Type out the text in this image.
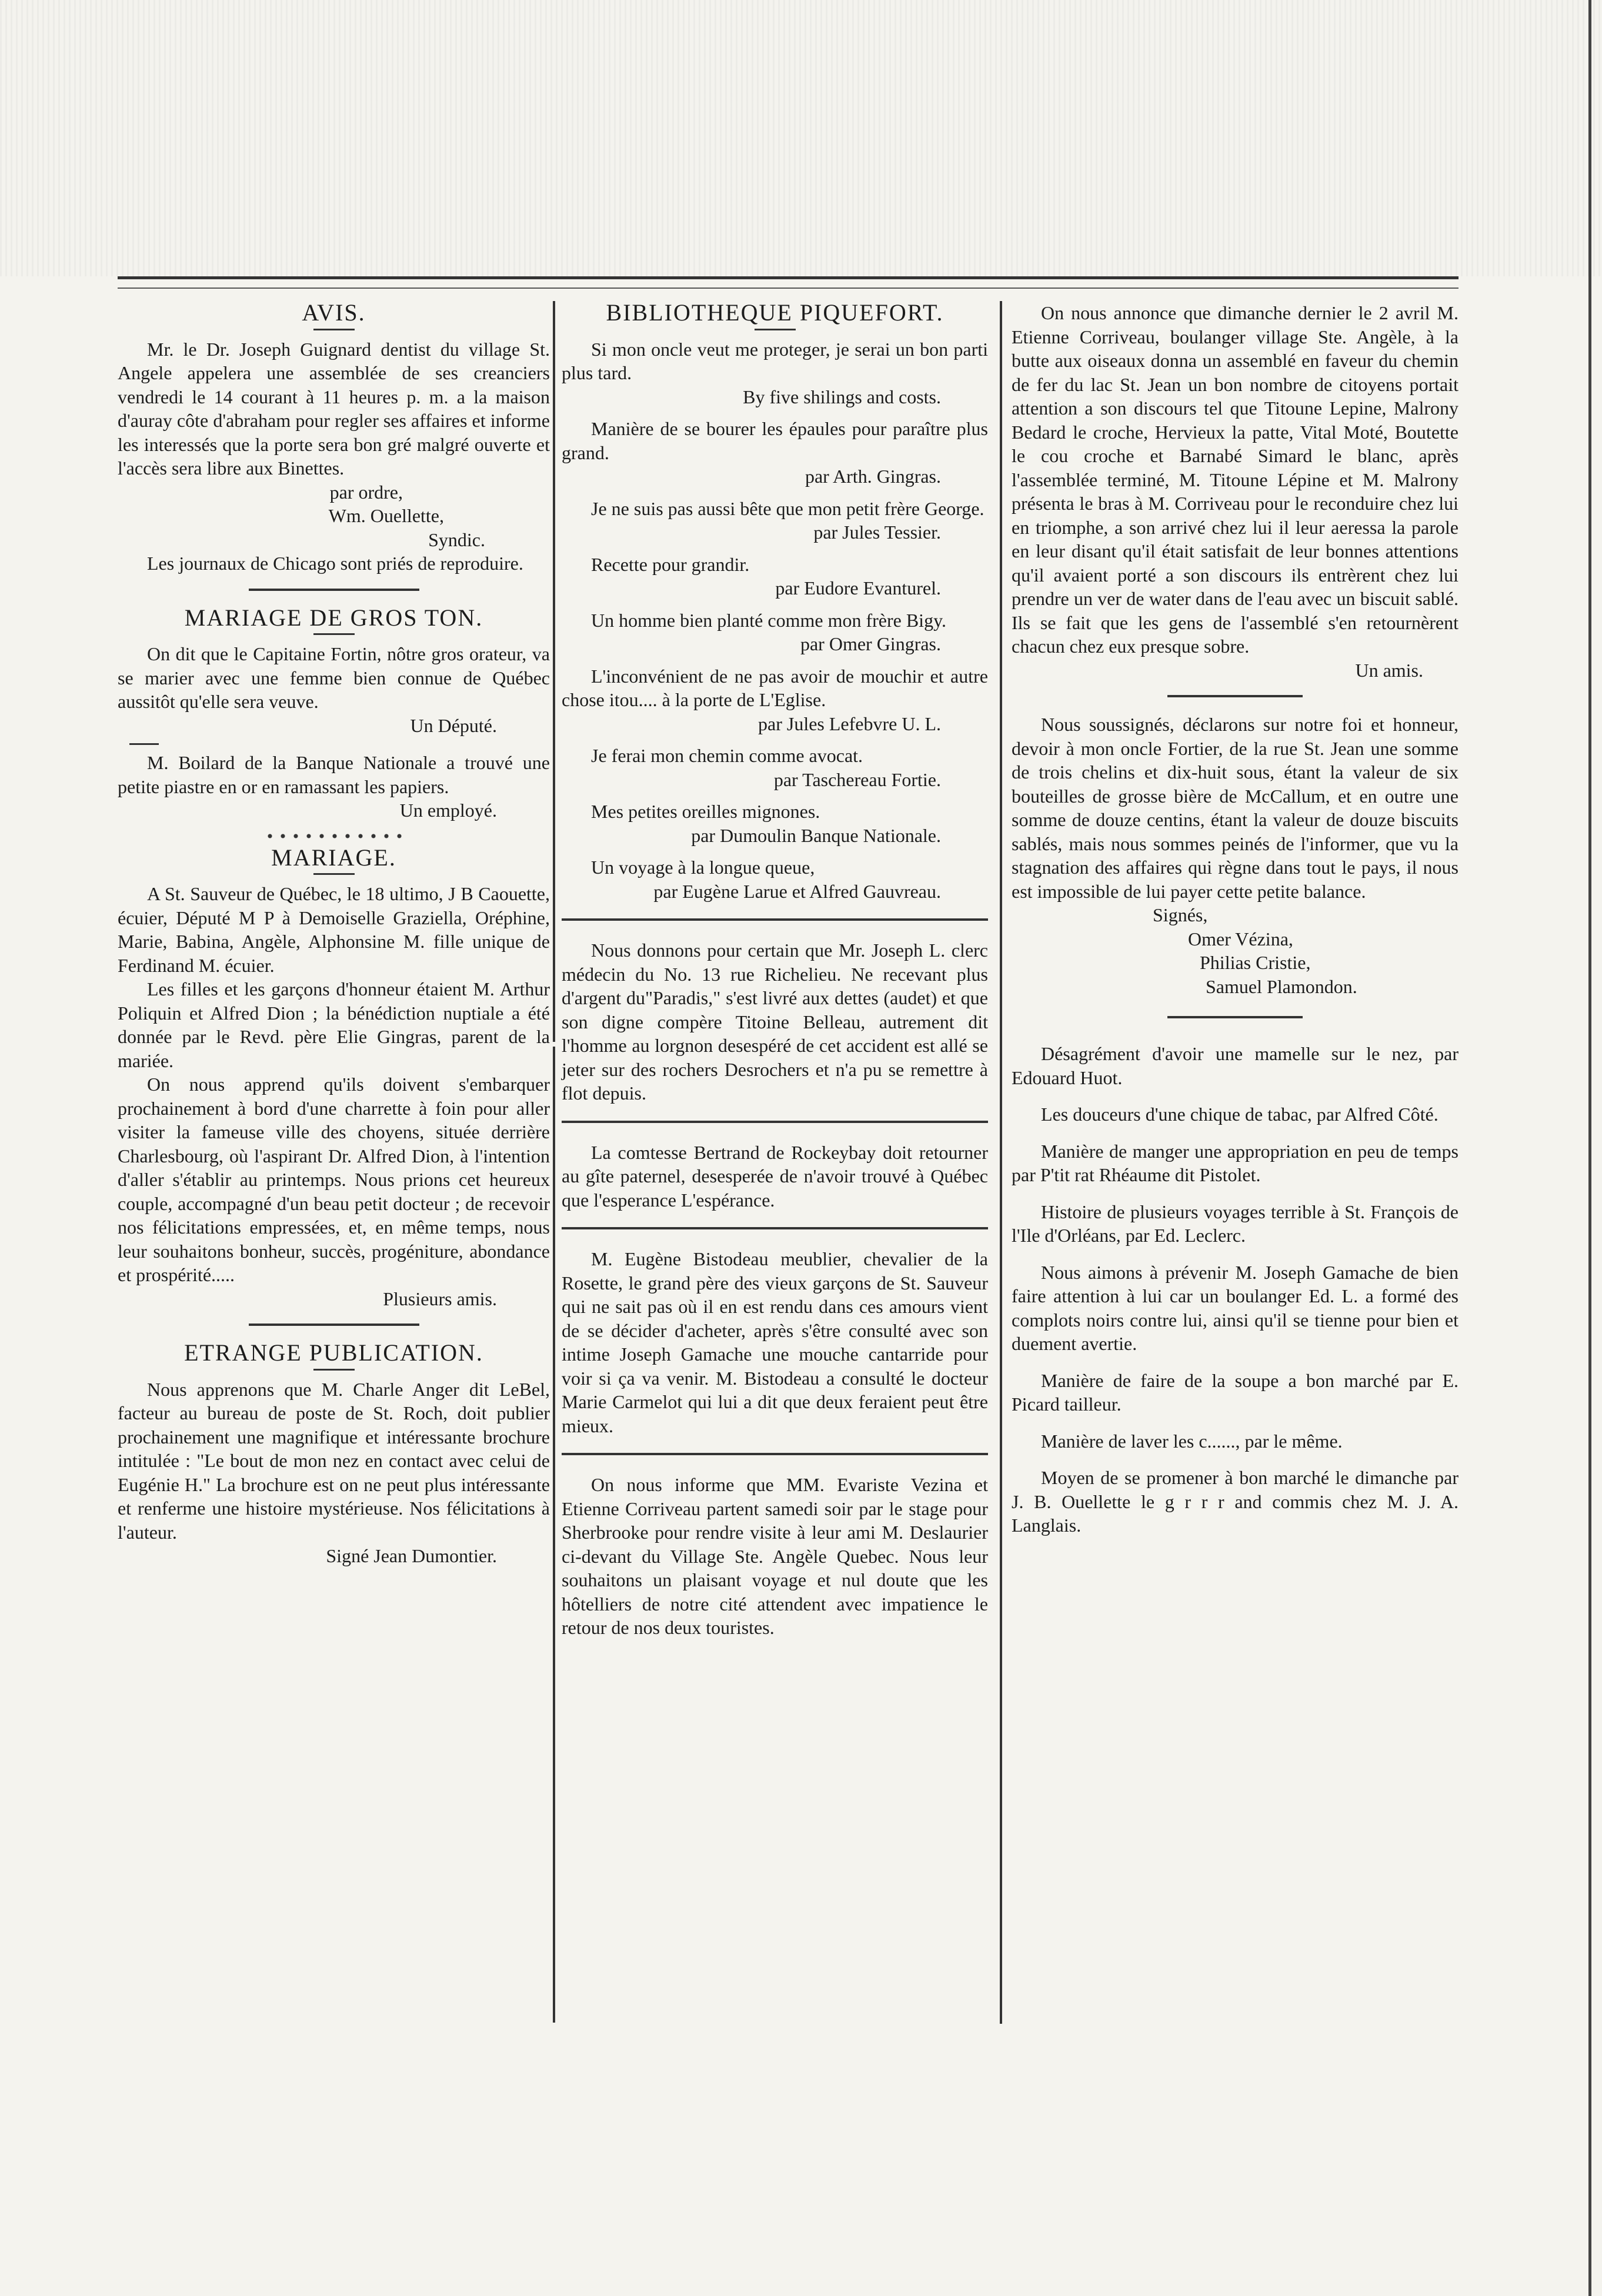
AVIS.

Mr. le Dr. Joseph Guignard dentist du village St. Angele appelera une assemblée de ses creanciers vendredi le 14 courant à 11 heures p. m. a la maison d'auray côte d'abraham pour regler ses affaires et informe les interessés que la porte sera bon gré malgré ouverte et l'accès sera libre aux Binettes.

par ordre,

Wm. Ouellette,

Syndic.

Les journaux de Chicago sont priés de reproduire.

MARIAGE DE GROS TON.

On dit que le Capitaine Fortin, nôtre gros orateur, va se marier avec une femme bien connue de Québec aussitôt qu'elle sera veuve.

Un Député.

M. Boilard de la Banque Nationale a trouvé une petite piastre en or en ramassant les papiers.

Un employé.

MARIAGE.

A St. Sauveur de Québec, le 18 ultimo, J B Caouette, écuier, Député M P à Demoiselle Graziella, Oréphine, Marie, Babina, Angèle, Alphonsine M. fille unique de Ferdinand M. écuier.

Les filles et les garçons d'honneur étaient M. Arthur Poliquin et Alfred Dion ; la bénédiction nuptiale a été donnée par le Revd. père Elie Gingras, parent de la mariée.

On nous apprend qu'ils doivent s'embarquer prochainement à bord d'une charrette à foin pour aller visiter la fameuse ville des choyens, située derrière Charlesbourg, où l'aspirant Dr. Alfred Dion, à l'intention d'aller s'établir au printemps. Nous prions cet heureux couple, accompagné d'un beau petit docteur ; de recevoir nos félicitations empressées, et, en même temps, nous leur souhaitons bonheur, succès, progéniture, abondance et prospérité.....

Plusieurs amis.

ETRANGE PUBLICATION.

Nous apprenons que M. Charle Anger dit LeBel, facteur au bureau de poste de St. Roch, doit publier prochainement une magnifique et intéressante brochure intitulée : "Le bout de mon nez en contact avec celui de Eugénie H." La brochure est on ne peut plus intéressante et renferme une histoire mystérieuse. Nos félicitations à l'auteur.

Signé Jean Dumontier.

BIBLIOTHEQUE PIQUEFORT.

Si mon oncle veut me proteger, je serai un bon parti plus tard.

By five shilings and costs.

Manière de se bourer les épaules pour paraître plus grand.

par Arth. Gingras.

Je ne suis pas aussi bête que mon petit frère George.

par Jules Tessier.

Recette pour grandir.

par Eudore Evanturel.

Un homme bien planté comme mon frère Bigy.

par Omer Gingras.

L'inconvénient de ne pas avoir de mouchir et autre chose itou.... à la porte de L'Eglise.

par Jules Lefebvre U. L.

Je ferai mon chemin comme avocat.

par Taschereau Fortie.

Mes petites oreilles mignones.

par Dumoulin Banque Nationale.

Un voyage à la longue queue,

par Eugène Larue et Alfred Gauvreau.

Nous donnons pour certain que Mr. Joseph L. clerc médecin du No. 13 rue Richelieu. Ne recevant plus d'argent du"Paradis," s'est livré aux dettes (audet) et que son digne compère Titoine Belleau, autrement dit l'homme au lorgnon desespéré de cet accident est allé se jeter sur des rochers Desrochers et n'a pu se remettre à flot depuis.

La comtesse Bertrand de Rockeybay doit retourner au gîte paternel, desesperée de n'avoir trouvé à Québec que l'esperance L'espérance.

M. Eugène Bistodeau meublier, chevalier de la Rosette, le grand père des vieux garçons de St. Sauveur qui ne sait pas où il en est rendu dans ces amours vient de se décider d'acheter, après s'être consulté avec son intime Joseph Gamache une mouche cantarride pour voir si ça va venir. M. Bistodeau a consulté le docteur Marie Carmelot qui lui a dit que deux feraient peut être mieux.

On nous informe que MM. Evariste Vezina et Etienne Corriveau partent samedi soir par le stage pour Sherbrooke pour rendre visite à leur ami M. Deslaurier ci-devant du Village Ste. Angèle Quebec. Nous leur souhaitons un plaisant voyage et nul doute que les hôtelliers de notre cité attendent avec impatience le retour de nos deux touristes.

On nous annonce que dimanche dernier le 2 avril M. Etienne Corriveau, boulanger village Ste. Angèle, à la butte aux oiseaux donna un assemblé en faveur du chemin de fer du lac St. Jean un bon nombre de citoyens portait attention a son discours tel que Titoune Lepine, Malrony Bedard le croche, Hervieux la patte, Vital Moté, Boutette le cou croche et Barnabé Simard le blanc, après l'assemblée terminé, M. Titoune Lépine et M. Malrony présenta le bras à M. Corriveau pour le reconduire chez lui en triomphe, a son arrivé chez lui il leur aeressa la parole en leur disant qu'il était satisfait de leur bonnes attentions qu'il avaient porté a son discours ils entrèrent chez lui prendre un ver de water dans de l'eau avec un biscuit sablé. Ils se fait que les gens de l'assemblé s'en retournèrent chacun chez eux presque sobre.

Un amis.

Nous soussignés, déclarons sur notre foi et honneur, devoir à mon oncle Fortier, de la rue St. Jean une somme de trois chelins et dix-huit sous, étant la valeur de six bouteilles de grosse bière de McCallum, et en outre une somme de douze centins, étant la valeur de douze biscuits sablés, mais nous sommes peinés de l'informer, que vu la stagnation des affaires qui règne dans tout le pays, il nous est impossible de lui payer cette petite balance.

Signés,

Omer Vézina,

Philias Cristie,

Samuel Plamondon.

Désagrément d'avoir une mamelle sur le nez, par Edouard Huot.

Les douceurs d'une chique de tabac, par Alfred Côté.

Manière de manger une appropriation en peu de temps par P'tit rat Rhéaume dit Pistolet.

Histoire de plusieurs voyages terrible à St. François de l'Ile d'Orléans, par Ed. Leclerc.

Nous aimons à prévenir M. Joseph Gamache de bien faire attention à lui car un boulanger Ed. L. a formé des complots noirs contre lui, ainsi qu'il se tienne pour bien et duement avertie.

Manière de faire de la soupe a bon marché par E. Picard tailleur.

Manière de laver les c......, par le même.

Moyen de se promener à bon marché le dimanche par J. B. Ouellette le g r r r and commis chez M. J. A. Langlais.
